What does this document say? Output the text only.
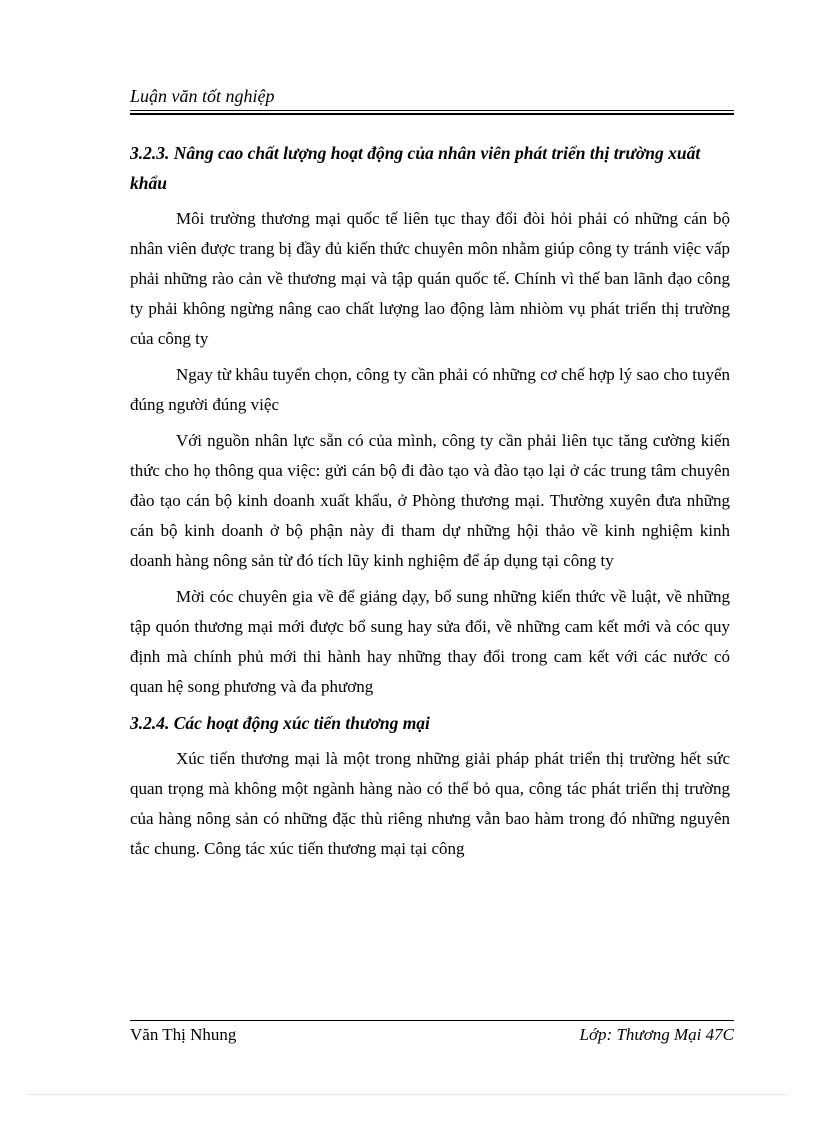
Luận văn tốt nghiệp

3.2.3. Nâng cao chất lượng hoạt động của nhân viên phát triển thị trường xuất khẩu

Môi trường thương mại quốc tế liên tục thay đổi đòi hỏi phải có những cán bộ nhân viên được trang bị đầy đủ kiến thức chuyên môn nhằm giúp công ty tránh việc vấp phải những rào cản về thương mại và tập quán quốc tế. Chính vì thế ban lãnh đạo công ty phải không ngừng nâng cao chất lượng lao động làm nhiòm vụ phát triển thị trường của công ty

Ngay từ khâu tuyển chọn, công ty cần phải có những cơ chế hợp lý sao cho tuyển đúng người đúng việc

Với nguồn nhân lực sẵn có của mình, công ty cần phải liên tục tăng cường kiến thức cho họ thông qua việc: gửi cán bộ đi đào tạo và đào tạo lại ở các trung tâm chuyên đào tạo cán bộ kinh doanh xuất khẩu, ở Phòng thương mại. Thường xuyên đưa những cán bộ kinh doanh ở bộ phận này đi tham dự những hội thảo về kinh nghiệm kinh doanh hàng nông sản từ đó tích lũy kinh nghiệm để áp dụng tại công ty

Mời cóc chuyên gia về để giảng dạy, bổ sung những kiến thức về luật, về những tập quón thương mại mới được bổ sung hay sửa đổi, về những cam kết mới và cóc quy định mà chính phủ mới thi hành hay những thay đổi trong cam kết với các nước có quan hệ song phương và đa phương

3.2.4. Các hoạt động xúc tiến thương mại

Xúc tiến thương mại là một trong những giải pháp phát triển thị trường hết sức quan trọng mà không một ngành hàng nào có thể bỏ qua, công tác phát triển thị trường của hàng nông sản có những đặc thù riêng nhưng vẫn bao hàm trong đó những nguyên tắc chung. Công tác xúc tiến thương mại tại công

Văn Thị Nhung	Lớp: Thương Mại 47C
